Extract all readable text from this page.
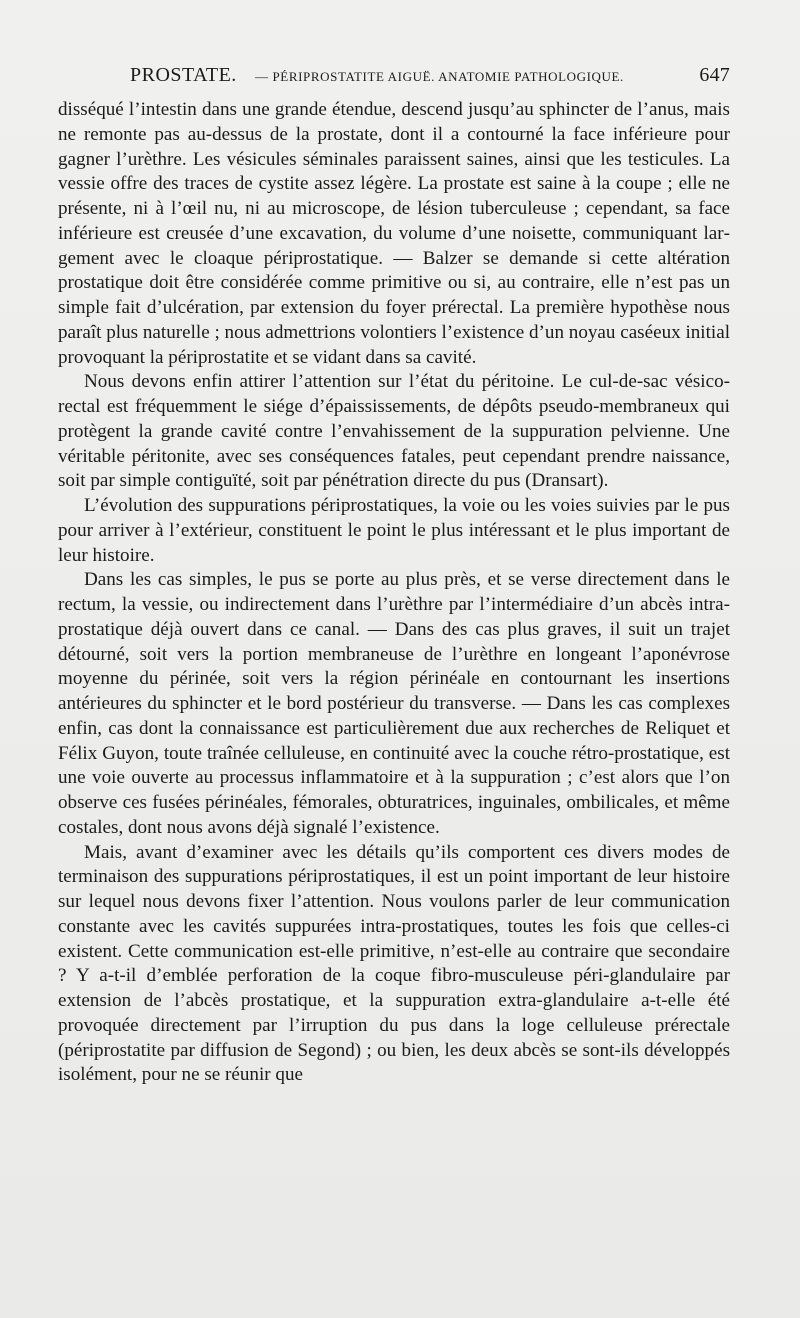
PROSTATE. — PÉRIPROSTATITE AIGUË. ANATOMIE PATHOLOGIQUE.	647

disséqué l’intestin dans une grande étendue, descend jusqu’au sphincter de l’anus, mais ne remonte pas au-dessus de la prostate, dont il a contourné la face inférieure pour gagner l’urèthre. Les vésicules séminales paraissent saines, ainsi que les testicules. La vessie offre des traces de cystite assez légère. La prostate est saine à la coupe ; elle ne présente, ni à l’œil nu, ni au microscope, de lésion tuberculeuse ; cependant, sa face inférieure est creusée d’une excavation, du volume d’une noisette, communiquant largement avec le cloaque périprostatique. — Balzer se demande si cette altération prostatique doit être considérée comme primitive ou si, au contraire, elle n’est pas un simple fait d’ulcération, par extension du foyer prérectal. La première hypothèse nous paraît plus naturelle ; nous admettrions volontiers l’existence d’un noyau caséeux initial provoquant la périprostatite et se vidant dans sa cavité.

Nous devons enfin attirer l’attention sur l’état du péritoine. Le cul-de-sac vésico-rectal est fréquemment le siége d’épaississements, de dépôts pseudo-membraneux qui protègent la grande cavité contre l’envahissement de la suppuration pelvienne. Une véritable péritonite, avec ses conséquences fatales, peut cependant prendre naissance, soit par simple contiguïté, soit par pénétration directe du pus (Dransart).

L’évolution des suppurations périprostatiques, la voie ou les voies suivies par le pus pour arriver à l’extérieur, constituent le point le plus intéressant et le plus important de leur histoire.

Dans les cas simples, le pus se porte au plus près, et se verse directement dans le rectum, la vessie, ou indirectement dans l’urèthre par l’intermédiaire d’un abcès intra-prostatique déjà ouvert dans ce canal. — Dans des cas plus graves, il suit un trajet détourné, soit vers la portion membraneuse de l’urèthre en longeant l’aponévrose moyenne du périnée, soit vers la région périnéale en contournant les insertions antérieures du sphincter et le bord postérieur du transverse. — Dans les cas complexes enfin, cas dont la connaissance est particulièrement due aux recherches de Reliquet et Félix Guyon, toute traînée celluleuse, en continuité avec la couche rétro-prostatique, est une voie ouverte au processus inflammatoire et à la suppuration ; c’est alors que l’on observe ces fusées périnéales, fémorales, obturatrices, inguinales, ombilicales, et même costales, dont nous avons déjà signalé l’existence.

Mais, avant d’examiner avec les détails qu’ils comportent ces divers modes de terminaison des suppurations périprostatiques, il est un point important de leur histoire sur lequel nous devons fixer l’attention. Nous voulons parler de leur communication constante avec les cavités suppurées intra-prostatiques, toutes les fois que celles-ci existent. Cette communication est-elle primitive, n’est-elle au contraire que secondaire ? Y a-t-il d’emblée perforation de la coque fibro-musculeuse péri-glandulaire par extension de l’abcès prostatique, et la suppuration extra-glandulaire a-t-elle été provoquée directement par l’irruption du pus dans la loge celluleuse prérectale (périprostatite par diffusion de Segond) ; ou bien, les deux abcès se sont-ils développés isolément, pour ne se réunir que
